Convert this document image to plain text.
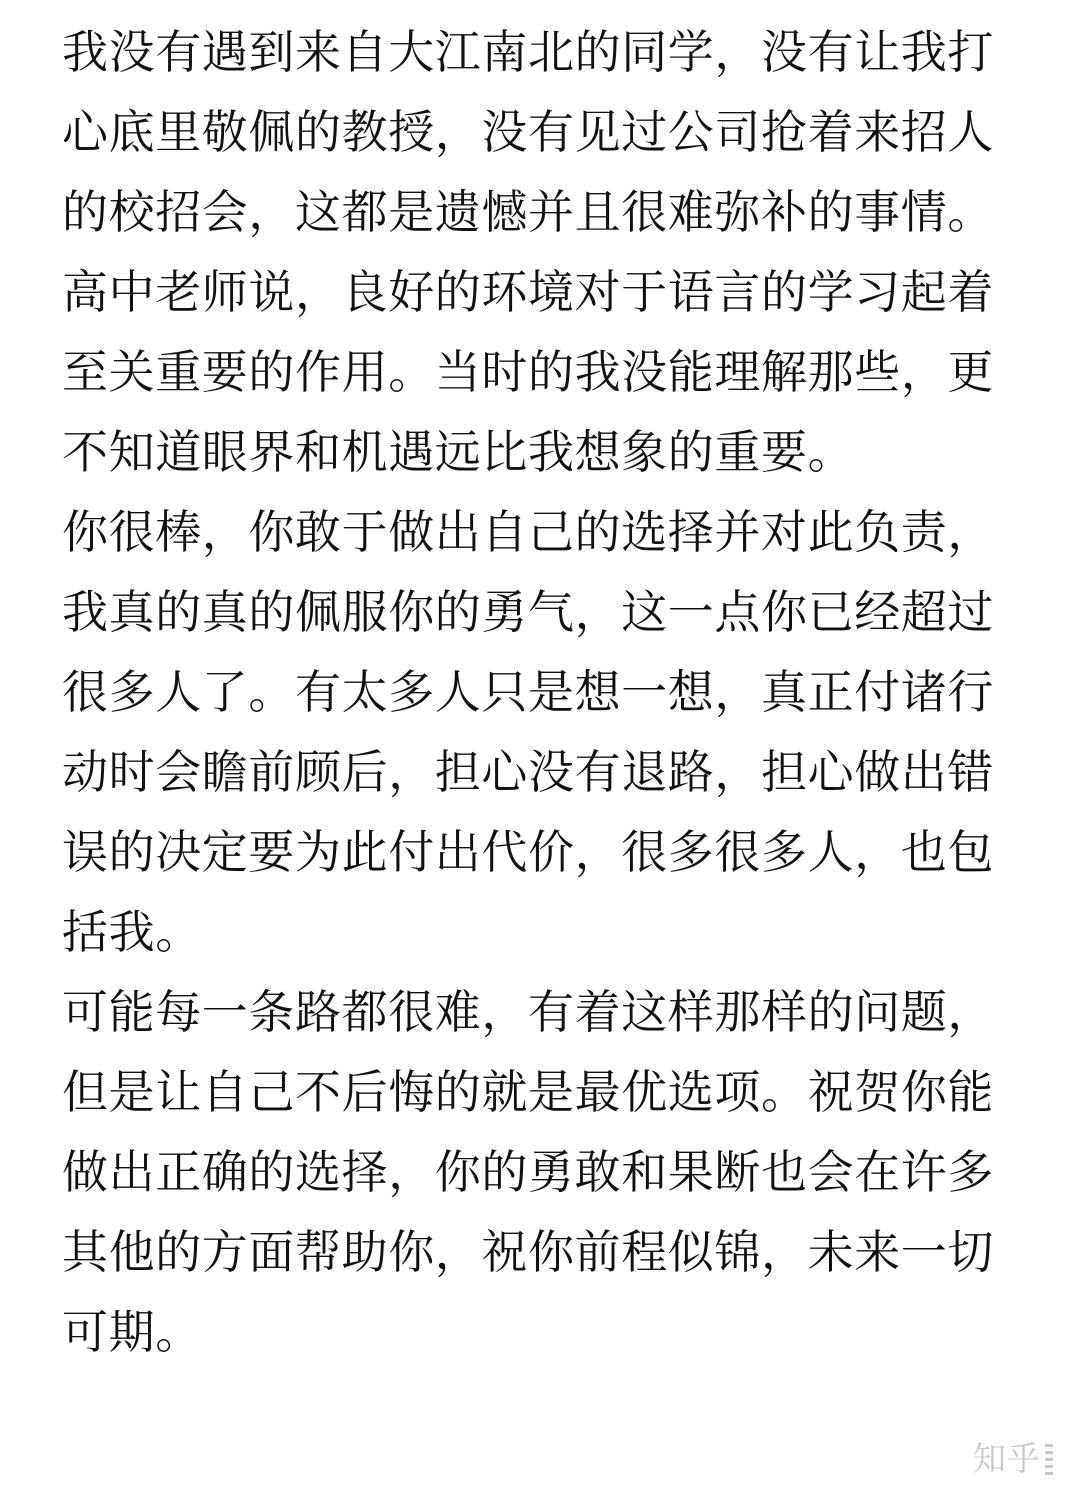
我没有遇到来自大江南北的同学，没有让我打
心底里敬佩的教授，没有见过公司抢着来招人
的校招会，这都是遗憾并且很难弥补的事情。
高中老师说，良好的环境对于语言的学习起着
至关重要的作用。当时的我没能理解那些，更
不知道眼界和机遇远比我想象的重要。
你很棒，你敢于做出自己的选择并对此负责，
我真的真的佩服你的勇气，这一点你已经超过
很多人了。有太多人只是想一想，真正付诸行
动时会瞻前顾后，担心没有退路，担心做出错
误的决定要为此付出代价，很多很多人，也包
括我。
可能每一条路都很难，有着这样那样的问题，
但是让自己不后悔的就是最优选项。祝贺你能
做出正确的选择，你的勇敢和果断也会在许多
其他的方面帮助你，祝你前程似锦，未来一切
可期。
知乎
